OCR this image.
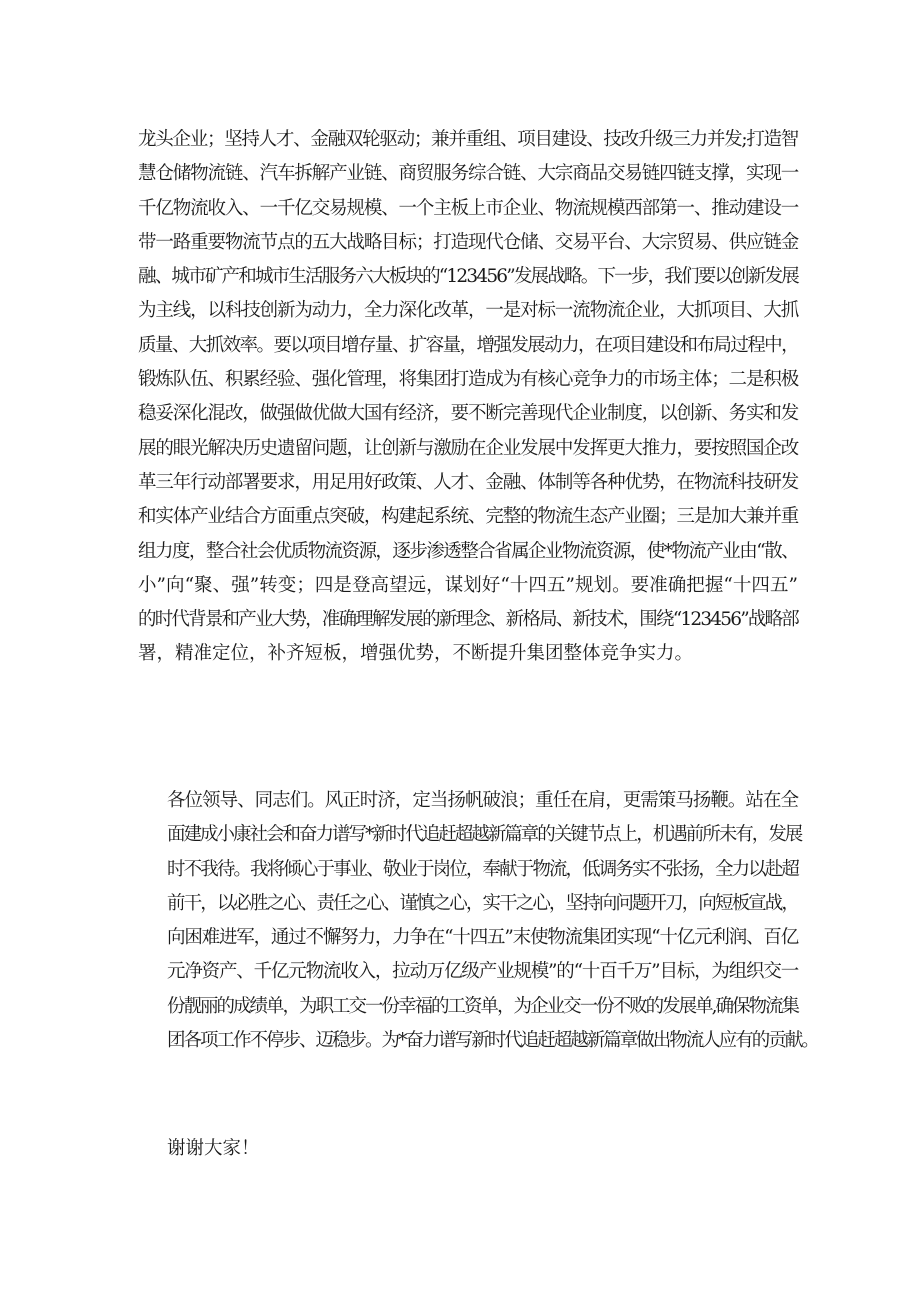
龙头企业；坚持人才、金融双轮驱动；兼并重组、项目建设、技改升级三力并发;打造智
慧仓储物流链、汽车拆解产业链、商贸服务综合链、大宗商品交易链四链支撑，实现一
千亿物流收入、一千亿交易规模、一个主板上市企业、物流规模西部第一、推动建设一
带一路重要物流节点的五大战略目标；打造现代仓储、交易平台、大宗贸易、供应链金
融、城市矿产和城市生活服务六大板块的“123456”发展战略。下一步，我们要以创新发展
为主线，以科技创新为动力，全力深化改革，一是对标一流物流企业，大抓项目、大抓
质量、大抓效率。要以项目增存量、扩容量，增强发展动力，在项目建设和布局过程中，
锻炼队伍、积累经验、强化管理，将集团打造成为有核心竞争力的市场主体；二是积极
稳妥深化混改，做强做优做大国有经济，要不断完善现代企业制度，以创新、务实和发
展的眼光解决历史遗留问题，让创新与激励在企业发展中发挥更大推力，要按照国企改
革三年行动部署要求，用足用好政策、人才、金融、体制等各种优势，在物流科技研发
和实体产业结合方面重点突破，构建起系统、完整的物流生态产业圈；三是加大兼并重
组力度，整合社会优质物流资源，逐步渗透整合省属企业物流资源，使*物流产业由“散、
小”向“聚、强”转变；四是登高望远，谋划好“十四五”规划。要准确把握“十四五”
的时代背景和产业大势，准确理解发展的新理念、新格局、新技术，围绕“123456”战略部
署，精准定位，补齐短板，增强优势，不断提升集团整体竞争实力。
各位领导、同志们。风正时济，定当扬帆破浪；重任在肩，更需策马扬鞭。站在全
面建成小康社会和奋力谱写*新时代追赶超越新篇章的关键节点上，机遇前所未有，发展
时不我待。我将倾心于事业、敬业于岗位，奉献于物流，低调务实不张扬，全力以赴超
前干，以必胜之心、责任之心、谨慎之心，实干之心，坚持向问题开刀，向短板宣战，
向困难进军，通过不懈努力，力争在“十四五”末使物流集团实现“十亿元利润、百亿
元净资产、千亿元物流收入，拉动万亿级产业规模”的“十百千万”目标，为组织交一
份靓丽的成绩单，为职工交一份幸福的工资单，为企业交一份不败的发展单,确保物流集
团各项工作不停步、迈稳步。为*奋力谱写新时代追赶超越新篇章做出物流人应有的贡献。
谢谢大家！
